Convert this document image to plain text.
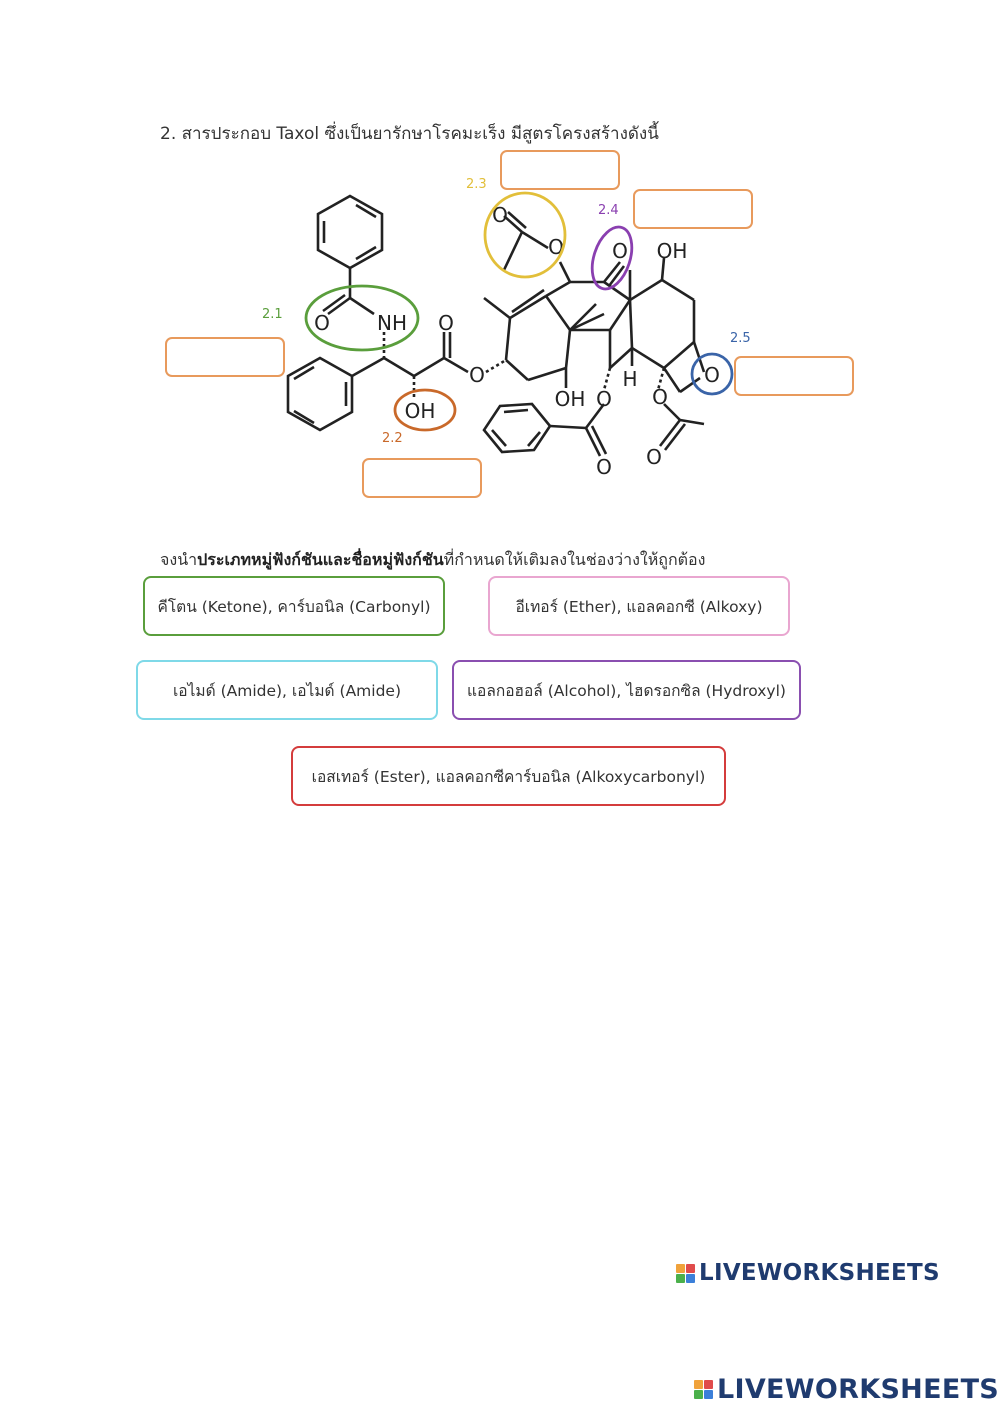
2. สารประกอบ Taxol ซึ่งเป็นยารักษาโรคมะเร็ง มีสูตรโครงสร้างดังนี้
O NH O
OH
O
O
O O OH
O
H
OH O O
O O
2.1
2.2
2.3
2.4
2.5
จงนำประเภทหมู่ฟังก์ชันและชื่อหมู่ฟังก์ชันที่กำหนดให้เติมลงในช่องว่างให้ถูกต้อง
คีโตน (Ketone), คาร์บอนิล (Carbonyl)	อีเทอร์ (Ether), แอลคอกซี (Alkoxy)
เอไมด์ (Amide), เอไมด์ (Amide)	แอลกอฮอล์ (Alcohol), ไฮดรอกซิล (Hydroxyl)
เอสเทอร์ (Ester), แอลคอกซีคาร์บอนิล (Alkoxycarbonyl)
LIVEWORKSHEETS
LIVEWORKSHEETS
